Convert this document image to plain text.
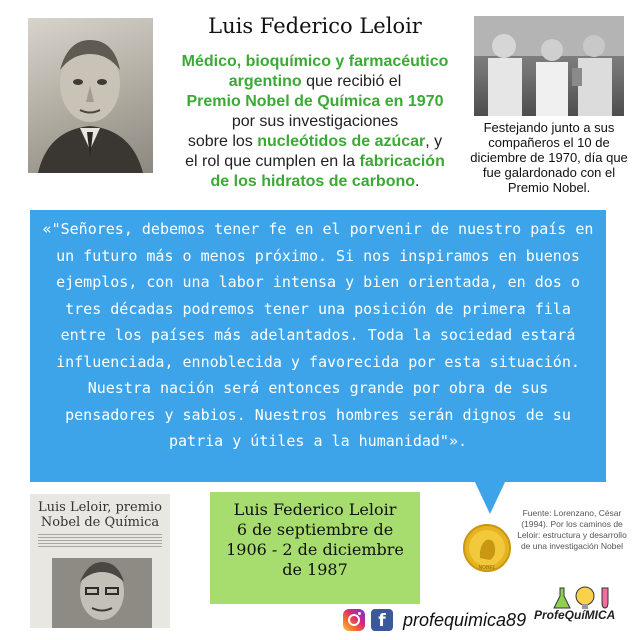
Luis Federico Leloir
Médico, bioquímico y farmacéutico
argentino que recibió el
Premio Nobel de Química en 1970
por sus investigaciones
sobre los nucleótidos de azúcar, y
el rol que cumplen en la fabricación
de los hidratos de carbono.
Festejando junto a sus compañeros el 10 de diciembre de 1970, día que fue galardonado con el Premio Nobel.
«"Señores, debemos tener fe en el porvenir de nuestro país en un futuro más o menos próximo. Si nos inspiramos en buenos ejemplos, con una labor intensa y bien orientada, en dos o tres décadas podremos tener una posición de primera fila entre los países más adelantados. Toda la sociedad estará influenciada, ennoblecida y favorecida por esta situación. Nuestra nación será entonces grande por obra de sus pensadores y sabios. Nuestros hombres serán dignos de su patria y útiles a la humanidad"».
Luis Leloir, premio Nobel de Química
Luis Federico Leloir
6 de septiembre de
1906 - 2 de diciembre
de 1987	NOBEL
Fuente: Lorenzano, César (1994). Por los caminos de Leloir: estructura y desarrollo de una investigación Nobel
f profequimica89 ProfeQuíMICA
